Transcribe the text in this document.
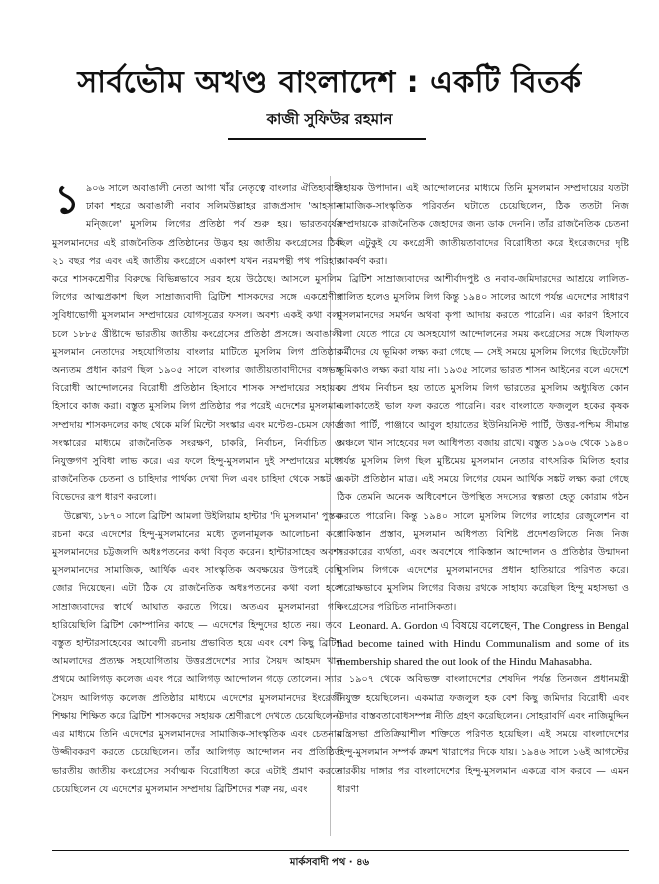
সার্বভৌম অখণ্ড বাংলাদেশ : একটি বিতর্ক
কাজী সুফিউর রহমান

১ ৯০৬ সালে অবাঙালী নেতা আগা খাঁর নেতৃত্বে বাংলার ঐতিহ্যবাহী ঢাকা শহরে অবাঙালী নবাব সলিমউল্লাহর রাজপ্রসাদ 'আহসান মন্জিলে' মুসলিম লিগের প্রতিষ্ঠা পর্ব শুরু হয়। ভারতবর্ষের মুসলমানদের এই রাজনৈতিক প্রতিষ্ঠানের উদ্ভব হয় জাতীয় কংগ্রেসের ঠিক ২১ বছর পর এবং এই জাতীয় কংগ্রেসে একাংশ যখন নরমপন্থী পথ পরিহার করে শাসকশ্রেণীর বিরুদ্ধে বিভিন্নভাবে সরব হয়ে উঠেছে। আসলে মুসলিম লিগের আত্মপ্রকাশ ছিল সাম্রাজ্যবাদী ব্রিটিশ শাসকদের সঙ্গে একশ্রেণীর সুবিধাভোগী মুসলমান সম্প্রদায়ের যোগসূত্রের ফসল। অবশ্য একই কথা বলা চলে ১৮৮৫ খ্রীষ্টাব্দে ভারতীয় জাতীয় কংগ্রেসের প্রতিষ্ঠা প্রসঙ্গে। অবাঙালী মুসলমান নেতাদের সহযোগিতায় বাংলার মাটিতে মুসলিম লিগ প্রতিষ্ঠার অন্যতম প্রধান কারণ ছিল ১৯০৫ সালে বাংলার জাতীয়তাবাদীদের বঙ্গভঙ্গ বিরোধী আন্দোলনের বিরোধী প্রতিষ্ঠান হিসাবে শাসক সম্প্রদায়ের সহায়ক হিসাবে কাজ করা। বস্তুত মুসলিম লিগ প্রতিষ্ঠার পর পরেই এদেশের মুসলমান সম্প্রদায় শাসকদলের কাছ থেকে মর্লি মিন্টো সংস্কার এবং মণ্টেগু-চেমস ফোর্ড সংস্কারের মাধ্যমে রাজনৈতিক সংরক্ষণ, চাকরি, নির্বাচন, নির্বাচিত ও নিযুক্তগণ সুবিধা লাভ করে। এর ফলে হিন্দু-মুসলমান দুই সম্প্রদায়ের মধ্যে রাজনৈতিক চেতনা ও চাহিদার পার্থক্য দেখা দিল এবং চাহিদা থেকে সঙ্কট ও বিভেদের রূপ ধারণ করলো।

উল্লেখ্য, ১৮৭০ সালে ব্রিটিশ আমলা উইলিয়াম হান্টার 'দি মুসলমান' পুস্তক রচনা করে এদেশের হিন্দু-মুসলমানের মধ্যে তুলনামূলক আলোচনা করে মুসলমানদের চট্টজলদি অধঃপতনের কথা বিবৃত করেন। হান্টারসাহেব অবশ্য মুসলমানদের সামাজিক, আর্থিক এবং সাংস্কৃতিক অবক্ষয়ের উপরেই বেশি জোর দিয়েছেন। এটা ঠিক যে রাজনৈতিক অধঃপতনের কথা বলা হলে সাম্রাজ্যবাদের স্বার্থে আঘাত করতে গিয়ে। অতএব মুসলমানরা গদি হারিয়েছিলি ব্রিটিশ কোম্পানির কাছে — এদেশের হিন্দুদের হাতে নয়। তবে বস্তুত হান্টারসাহেবের আবেগী রচনায় প্রভাবিত হয়ে এবং বেশ কিছু ব্রিটিশ আমলাদের প্রত্যক্ষ সহযোগিতায় উত্তরপ্রদেশের স্যার সৈয়দ আহমদ খান প্রথমে আলিগড় কলেজ এবং পরে আলিগড় আন্দোলন গড়ে তোলেন। স্যার সৈয়দ আলিগড় কলেজ প্রতিষ্ঠার মাধ্যমে এদেশের মুসলমানদের ইংরেজী শিক্ষায় শিক্ষিত করে ব্রিটিশ শাসকদের সহায়ক শ্রেণীরূপে দেখতে চেয়েছিলেন। এর মাধ্যমে তিনি এদেশের মুসলমানদের সামাজিক-সাংস্কৃতিক এবং চেতনার উজ্জীবকরণ করতে চেয়েছিলেন। তাঁর আলিগড় আন্দোলন নব প্রতিষ্ঠিত ভারতীয় জাতীয় কংগ্রেসের সর্বাত্মক বিরোধিতা করে এটাই প্রমাণ করতে চেয়েছিলেন যে এদেশের মুসলমান সম্প্রদায় ব্রিটিশদের শত্রু নয়, এবং

সহায়ক উপাদান। এই আন্দোলনের মাধ্যমে তিনি মুসলমান সম্প্রদায়ের যতটা সামাজিক-সাংস্কৃতিক পরিবর্তন ঘটাতে চেয়েছিলেন, ঠিক ততটা নিজ সম্প্রদায়কে রাজনৈতিক জেহাদের জন্য ডাক দেননি। তাঁর রাজনৈতিক চেতনা ছিল এটুকুই যে কংগ্রেসী জাতীয়তাবাদের বিরোধিতা করে ইংরেজদের দৃষ্টি আকর্ষণ করা।

ব্রিটিশ সাম্রাজ্যবাদের আশীর্বাদপুষ্ট ও নবাব-জমিদারদের আশ্রয়ে লালিত-পালিত হলেও মুসলিম লিগ কিন্তু ১৯৪০ সালের আগে পর্যন্ত এদেশের সাধারণ মুসলমানদের সমর্থন অথবা কৃপা আদায় করতে পারেনি। এর কারণ হিসাবে বলা যেতে পারে যে অসহযোগ আন্দোলনের সময় কংগ্রেসের সঙ্গে খিলাফত কর্মীদের যে ভূমিকা লক্ষ্য করা গেছে — সেই সময়ে মুসলিম লিগের ছিটেফোঁটা ভূমিকাও লক্ষ্য করা যায় না। ১৯৩৫ সালের ভারত শাসন আইনের বলে এদেশে যে প্রথম নির্বাচন হয় তাতে মুসলিম লিগ ভারতের মুসলিম অধ্যুষিত কোন এলাকাতেই ভাল ফল করতে পারেনি। বরং বাংলাতে ফজলুল হকের কৃষক প্রজা পার্টি, পাঞ্জাবে আবুল হায়াতের ইউনিয়নিস্ট পার্টি, উত্তর-পশ্চিম সীমান্ত অঞ্চলে খান সাহেবের দল আধিপত্য বজায় রাখে। বস্তুত ১৯০৬ থেকে ১৯৪০ পর্যন্ত মুসলিম লিগ ছিল মুষ্টিমেয় মুসলমান নেতার বাৎসরিক মিলিত হবার একটা প্রতিষ্ঠান মাত্র। এই সময়ে লিগের যেমন আর্থিক সঙ্কট লক্ষ্য করা গেছে ঠিক তেমনি অনেক অধিবেশনে উপস্থিত সদস্যের স্বল্পতা হেতু কোরাম গঠন করতে পারেনি। কিন্তু ১৯৪০ সালে মুসলিম লিগের লাহোর রেজুলেশন বা পাকিস্তান প্রস্তাব, মুসলমান অধিপত্য বিশিষ্ট প্রদেশগুলিতে নিজ নিজ সরকারের ব্যর্থতা, এবং অবশেষে পাকিস্তান আন্দোলন ও প্রতিষ্ঠার উন্মাদনা মুসলিম লিগকে এদেশের মুসলমানদের প্রধান হাতিয়ারে পরিণত করে। পরোক্ষভাবে মুসলিম লিগের বিজয় রথকে সাহায্য করেছিল হিন্দু মহাসভা ও কংগ্রেসের পরিচিত নানাসিকতা।

Leonard. A. Gordon এ বিষয়ে বলেছেন, The Congress in Bengal had become tained with Hindu Communalism and some of its membership shared the out look of the Hindu Mahasabha.

১৯০৭ থেকে অবিভক্ত বাংলাদেশের শেষদিন পর্যন্ত তিনজন প্রধানমন্ত্রী নিযুক্ত হয়েছিলেন। একমাত্র ফজলুল হক বেশ কিছু জমিদার বিরোধী এবং উদার বাস্তবতাবোধসম্পন্ন নীতি গ্রহণ করেছিলেন। সোহরাবর্দি এবং নাজিমুদ্দিন মন্ত্রিসভা প্রতিক্রিয়াশীল শক্তিতে পরিণত হয়েছিল। এই সময়ে বাংলাদেশের হিন্দু-মুসলমান সম্পর্ক ক্রমশ খারাপের দিকে যায়। ১৯৪৬ সালে ১৬ই আগস্টের নারকীয় দাঙ্গার পর বাংলাদেশের হিন্দু-মুসলমান একত্রে বাস করবে — এমন ধারণা

মার্কসবাদী পথ · ৪৬
